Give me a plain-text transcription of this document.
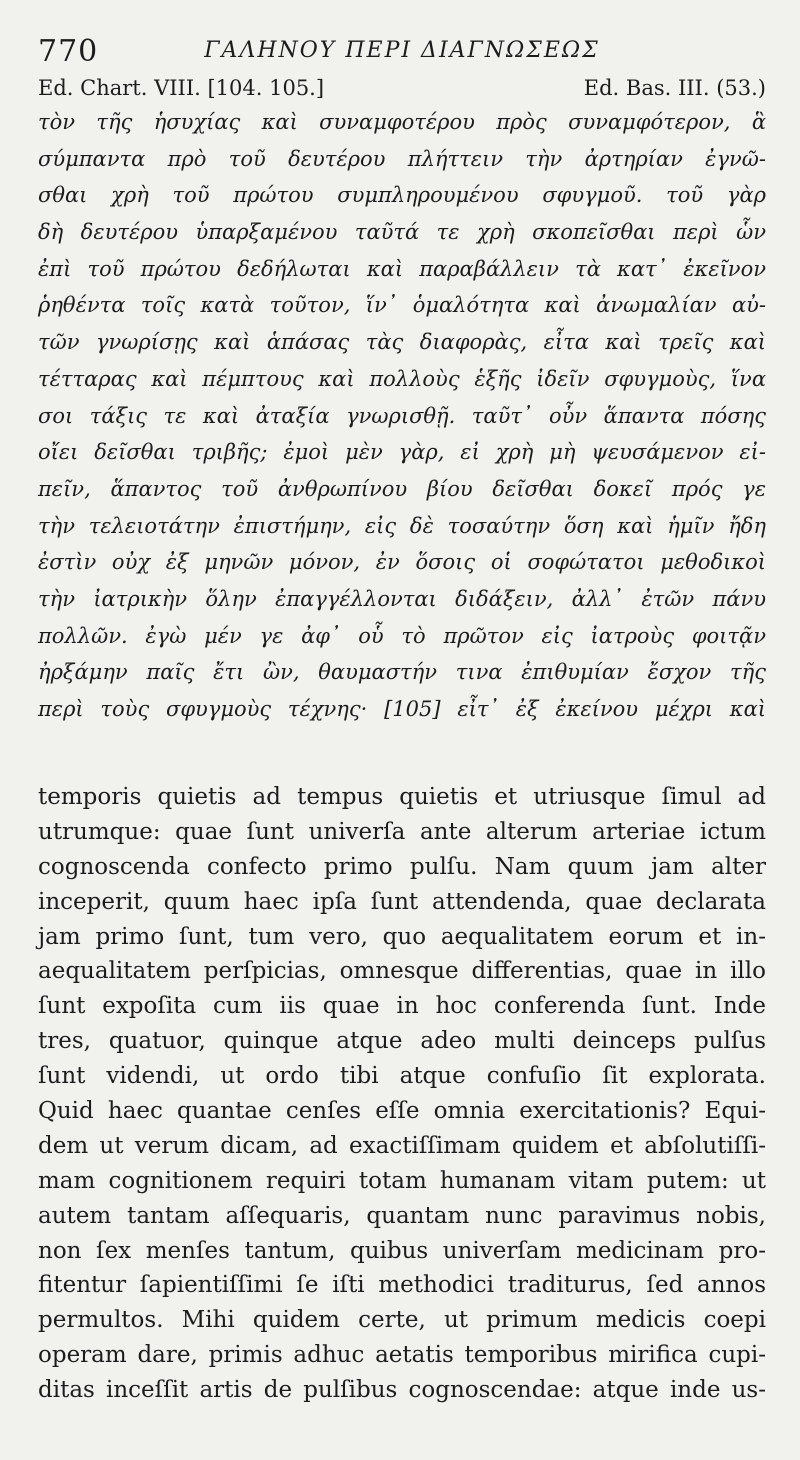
770	ΓΑΛΗΝΟΥ ΠΕΡΙ ΔΙΑΓΝΩΣΕΩΣ
Ed. Chart. VIII. [104. 105.]	Ed. Bas. III. (53.)
τὸν τῆς ἡσυχίας καὶ συναμφοτέρου πρὸς συναμφότερον, ἃ
σύμπαντα πρὸ τοῦ δευτέρου πλήττειν τὴν ἀρτηρίαν ἐγνῶ-
σθαι χρὴ τοῦ πρώτου συμπληρουμένου σφυγμοῦ. τοῦ γὰρ
δὴ δευτέρου ὑπαρξαμένου ταῦτά τε χρὴ σκοπεῖσθαι περὶ ὧν
ἐπὶ τοῦ πρώτου δεδήλωται καὶ παραβάλλειν τὰ κατ᾽ ἐκεῖνον
ῥηθέντα τοῖς κατὰ τοῦτον, ἵν᾽ ὁμαλότητα καὶ ἀνωμαλίαν αὐ-
τῶν γνωρίσῃς καὶ ἁπάσας τὰς διαφορὰς, εἶτα καὶ τρεῖς καὶ
τέτταρας καὶ πέμπτους καὶ πολλοὺς ἑξῆς ἰδεῖν σφυγμοὺς, ἵνα
σοι τάξις τε καὶ ἀταξία γνωρισθῇ. ταῦτ᾽ οὖν ἅπαντα πόσης
οἴει δεῖσθαι τριβῆς; ἐμοὶ μὲν γὰρ, εἰ χρὴ μὴ ψευσάμενον εἰ-
πεῖν, ἅπαντος τοῦ ἀνθρωπίνου βίου δεῖσθαι δοκεῖ πρός γε
τὴν τελειοτάτην ἐπιστήμην, εἰς δὲ τοσαύτην ὅση καὶ ἡμῖν ἤδη
ἐστὶν οὐχ ἐξ μηνῶν μόνον, ἐν ὅσοις οἱ σοφώτατοι μεθοδικοὶ
τὴν ἰατρικὴν ὅλην ἐπαγγέλλονται διδάξειν, ἀλλ᾽ ἐτῶν πάνυ
πολλῶν. ἐγὼ μέν γε ἀφ᾽ οὗ τὸ πρῶτον εἰς ἰατροὺς φοιτᾷν
ἠρξάμην παῖς ἔτι ὢν, θαυμαστήν τινα ἐπιθυμίαν ἔσχον τῆς
περὶ τοὺς σφυγμοὺς τέχνης· [105] εἶτ᾽ ἐξ ἐκείνου μέχρι καὶ
temporis quietis ad tempus quietis et utriusque ſimul ad
utrumque: quae ſunt univerſa ante alterum arteriae ictum
cognoscenda confecto primo pulſu. Nam quum jam alter
inceperit, quum haec ipſa ſunt attendenda, quae declarata
jam primo ſunt, tum vero, quo aequalitatem eorum et in-
aequalitatem perſpicias, omnesque differentias, quae in illo
ſunt expoſita cum iis quae in hoc conferenda ſunt. Inde
tres, quatuor, quinque atque adeo multi deinceps pulſus
ſunt videndi, ut ordo tibi atque confuſio ſit explorata.
Quid haec quantae cenſes eſſe omnia exercitationis? Equi-
dem ut verum dicam, ad exactiſſimam quidem et abſolutiſſi-
mam cognitionem requiri totam humanam vitam putem: ut
autem tantam aſſequaris, quantam nunc paravimus nobis,
non ſex menſes tantum, quibus univerſam medicinam pro-
fitentur ſapientiſſimi ſe iſti methodici traditurus, ſed annos
permultos. Mihi quidem certe, ut primum medicis coepi
operam dare, primis adhuc aetatis temporibus mirifica cupi-
ditas inceſſit artis de pulſibus cognoscendae: atque inde us-
